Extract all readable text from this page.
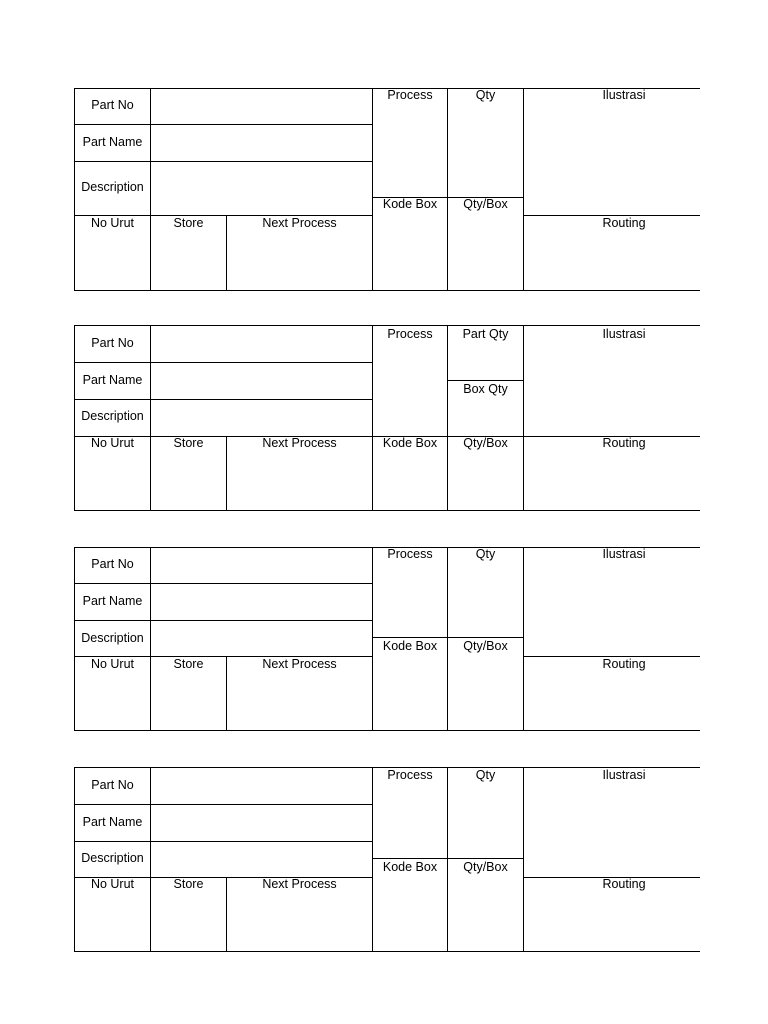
Part No
Part Name
Description
Process	Qty	Ilustrasi
Kode Box	Qty/Box
No Urut	Store	Next Process	Routing
Part No
Part Name
Description
Process	Part Qty	Ilustrasi
Box Qty
No Urut	Store	Next Process	Kode Box	Qty/Box	Routing
Part No
Part Name
Description
Process	Qty	Ilustrasi
Kode Box	Qty/Box
No Urut	Store	Next Process	Routing
Part No
Part Name
Description
Process	Qty	Ilustrasi
Kode Box	Qty/Box
No Urut	Store	Next Process	Routing
